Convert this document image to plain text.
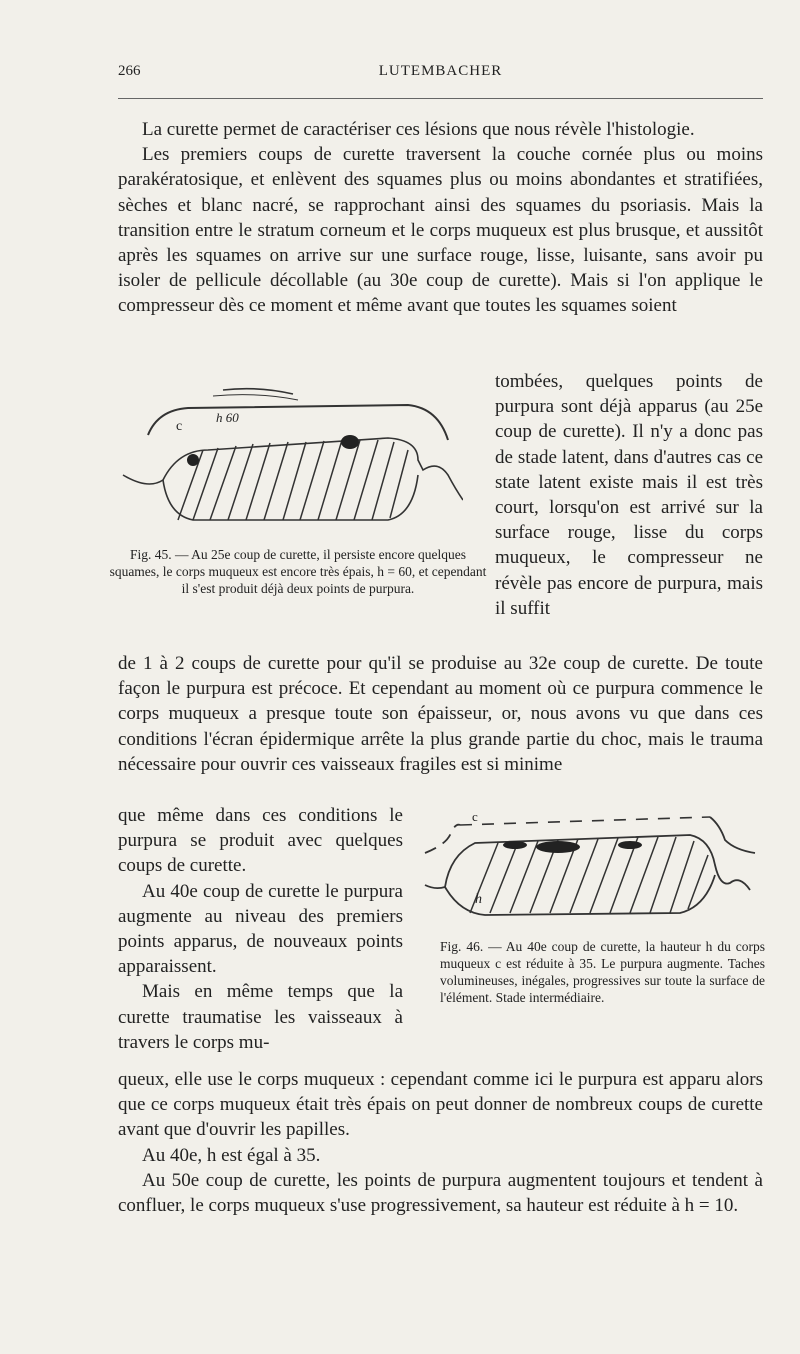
266	LUTEMBACHER

La curette permet de caractériser ces lésions que nous révèle l'histologie.

Les premiers coups de curette traversent la couche cornée plus ou moins parakératosique, et enlèvent des squames plus ou moins abondantes et stratifiées, sèches et blanc nacré, se rapprochant ainsi des squames du psoriasis. Mais la transition entre le stratum corneum et le corps muqueux est plus brusque, et aussitôt après les squames on arrive sur une surface rouge, lisse, luisante, sans avoir pu isoler de pellicule décollable (au 30e coup de curette). Mais si l'on applique le compresseur dès ce moment et même avant que toutes les squames soient

c
h 60
Fig. 45. — Au 25e coup de curette, il persiste encore quelques squames, le corps muqueux est encore très épais, h = 60, et cependant il s'est produit déjà deux points de purpura.

tombées, quelques points de purpura sont déjà apparus (au 25e coup de curette). Il n'y a donc pas de stade latent, dans d'autres cas ce state latent existe mais il est très court, lorsqu'on est arrivé sur la surface rouge, lisse du corps muqueux, le compresseur ne révèle pas encore de purpura, mais il suffit

de 1 à 2 coups de curette pour qu'il se produise au 32e coup de curette. De toute façon le purpura est précoce. Et cependant au moment où ce purpura commence le corps muqueux a presque toute son épaisseur, or, nous avons vu que dans ces conditions l'écran épidermique arrête la plus grande partie du choc, mais le trauma nécessaire pour ouvrir ces vaisseaux fragiles est si minime

que même dans ces conditions le purpura se produit avec quelques coups de curette.

Au 40e coup de curette le purpura augmente au niveau des premiers points apparus, de nouveaux points apparaissent.

Mais en même temps que la curette traumatise les vaisseaux à travers le corps mu-

c
h
Fig. 46. — Au 40e coup de curette, la hauteur h du corps muqueux c est réduite à 35. Le purpura augmente. Taches volumineuses, inégales, progressives sur toute la surface de l'élément. Stade intermédiaire.

queux, elle use le corps muqueux : cependant comme ici le purpura est apparu alors que ce corps muqueux était très épais on peut donner de nombreux coups de curette avant que d'ouvrir les papilles.

Au 40e, h est égal à 35.

Au 50e coup de curette, les points de purpura augmentent toujours et tendent à confluer, le corps muqueux s'use progressivement, sa hauteur est réduite à h = 10.
